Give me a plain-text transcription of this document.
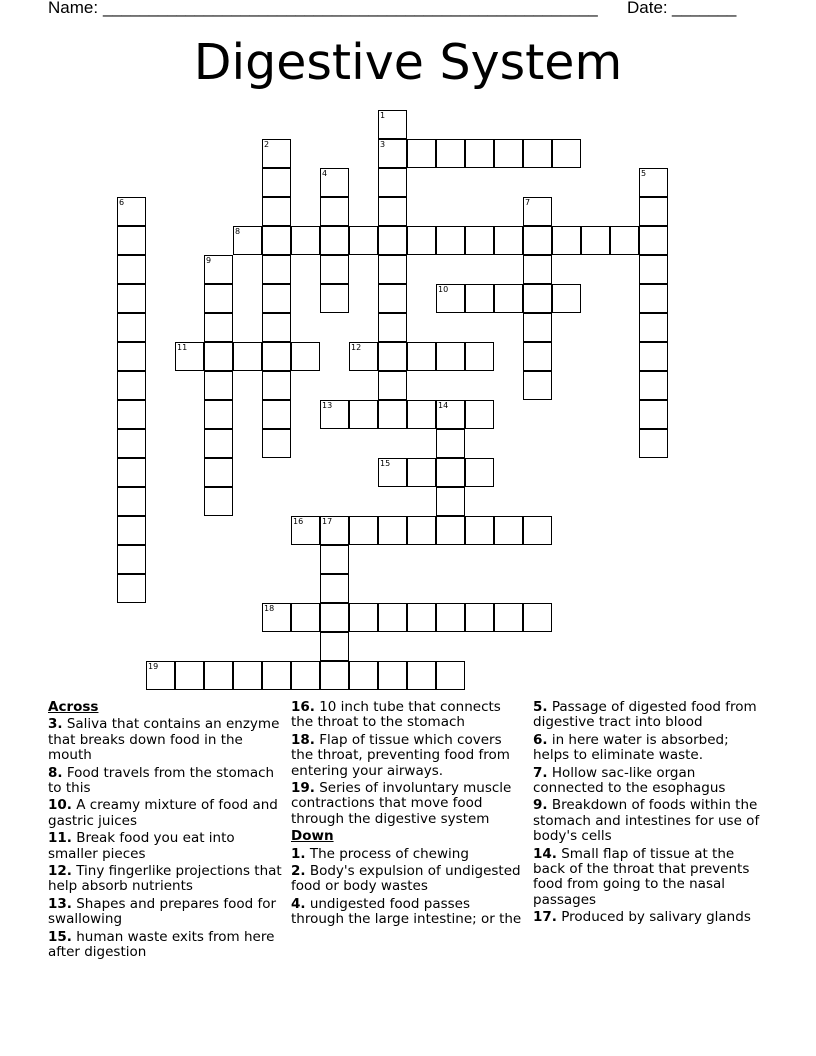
Name: ______________________________________________________ Date: _______
Digestive System
1
3
2
4	5
6	7
8
9
10
11	12
13	14
15
16 17
18
19
Across
3. Saliva that contains an enzyme that breaks down food in the mouth
8. Food travels from the stomach to this
10. A creamy mixture of food and gastric juices
11. Break food you eat into smaller pieces
12. Tiny fingerlike projections that help absorb nutrients
13. Shapes and prepares food for swallowing
15. human waste exits from here after digestion
16. 10 inch tube that connects the throat to the stomach
18. Flap of tissue which covers the throat, preventing food from entering your airways.
19. Series of involuntary muscle contractions that move food through the digestive system
Down
1. The process of chewing
2. Body's expulsion of undigested food or body wastes
4. undigested food passes through the large intestine; or the
5. Passage of digested food from digestive tract into blood
6. in here water is absorbed; helps to eliminate waste.
7. Hollow sac-like organ connected to the esophagus
9. Breakdown of foods within the stomach and intestines for use of body's cells
14. Small flap of tissue at the back of the throat that prevents food from going to the nasal passages
17. Produced by salivary glands
